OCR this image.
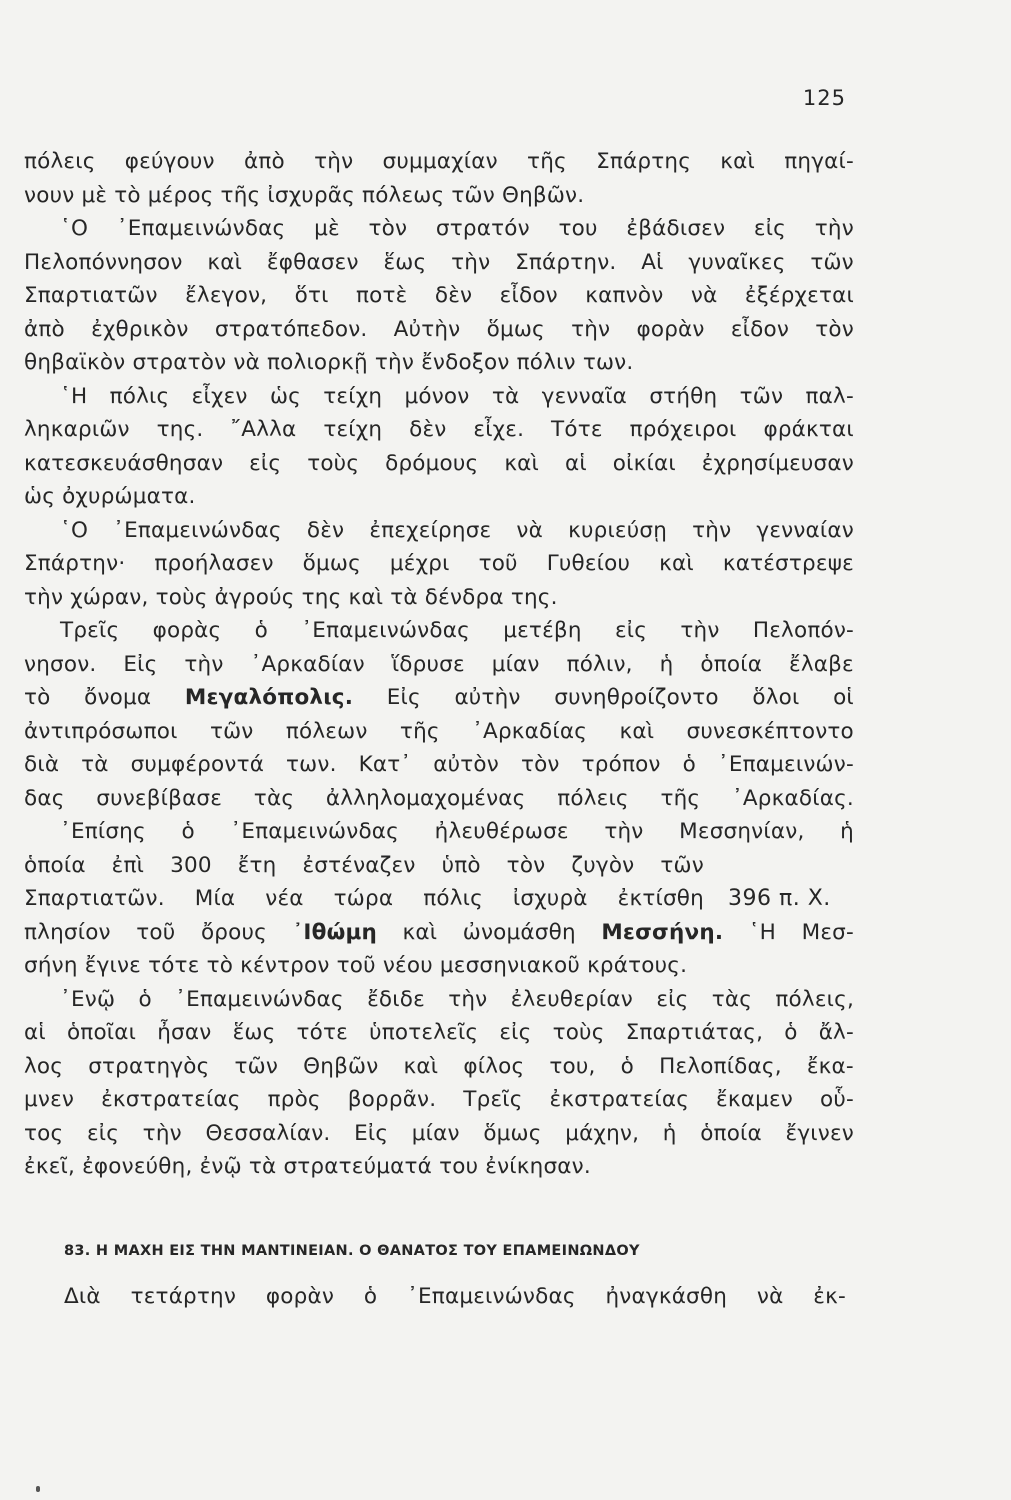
125
πόλεις φεύγουν ἀπὸ τὴν συμμαχίαν τῆς Σπάρτης καὶ πηγαί-
νουν
μὲ
τὸ
μέρος
τῆς
ἰσχυρᾶς
πόλεως
τῶν
Θηβῶν.

῾Ο ᾿Επαμεινώνδας μὲ τὸν στρατόν του ἐβάδισεν εἰς τὴν
Πελοπόννησον καὶ ἔφθασεν ἕως τὴν Σπάρτην. Αἱ γυναῖκες τῶν
Σπαρτιατῶν ἔλεγον, ὅτι ποτὲ δὲν εἶδον καπνὸν νὰ ἐξέρχεται
ἀπὸ ἐχθρικὸν στρατόπεδον. Αὐτὴν ὅμως τὴν φορὰν εἶδον τὸν
θηβαϊκὸν
στρατὸν
νὰ
πολιορκῇ
τὴν
ἔνδοξον
πόλιν
των.

῾Η πόλις εἶχεν ὡς τείχη μόνον τὰ γενναῖα στήθη τῶν παλ-
ληκαριῶν της. ῎Αλλα τείχη δὲν εἶχε. Τότε πρόχειροι φράκται
κατεσκευάσθησαν εἰς τοὺς δρόμους καὶ αἱ οἰκίαι ἐχρησίμευσαν
ὡς
ὀχυρώματα.

῾Ο ᾿Επαμεινώνδας δὲν ἐπεχείρησε νὰ κυριεύσῃ τὴν γενναίαν
Σπάρτην· προήλασεν ὅμως μέχρι τοῦ Γυθείου καὶ κατέστρεψε
τὴν
χώραν,
τοὺς
ἀγρούς
της
καὶ
τὰ
δένδρα
της.

Τρεῖς φορὰς ὁ ᾿Επαμεινώνδας μετέβη εἰς τὴν Πελοπόν-
νησον. Εἰς τὴν ᾿Αρκαδίαν ἵδρυσε μίαν πόλιν, ἡ ὁποία ἔλαβε
τὸ ὄνομα Μεγαλόπολις. Εἰς αὐτὴν συνηθροίζοντο ὅλοι οἱ
ἀντιπρόσωποι τῶν πόλεων τῆς ᾿Αρκαδίας καὶ συνεσκέπτοντο
διὰ τὰ συμφέροντά των. Κατ᾿ αὐτὸν τὸν τρόπον ὁ ᾿Επαμεινών-
δας συνεβίβασε τὰς ἀλληλομαχομένας πόλεις τῆς ᾿Αρκαδίας.
᾿Επίσης ὁ ᾿Επαμεινώνδας ἠλευθέρωσε τὴν Μεσσηνίαν, ἡ
ὁποία ἐπὶ 300 ἔτη ἐστέναζεν ὑπὸ τὸν ζυγὸν τῶν
Σπαρτιατῶν. Μία νέα τώρα πόλις ἰσχυρὰ ἐκτίσθη
πλησίον τοῦ ὄρους ᾿Ιθώμη καὶ ὠνομάσθη Μεσσήνη. ῾Η Μεσ-
σήνη
ἔγινε
τότε
τὸ
κέντρον
τοῦ
νέου
μεσσηνιακοῦ
κράτους.

᾿Ενῷ ὁ ᾿Επαμεινώνδας ἔδιδε τὴν ἐλευθερίαν εἰς τὰς πόλεις,
αἱ ὁποῖαι ἦσαν ἕως τότε ὑποτελεῖς εἰς τοὺς Σπαρτιάτας, ὁ ἄλ-
λος στρατηγὸς τῶν Θηβῶν καὶ φίλος του, ὁ Πελοπίδας, ἔκα-
μνεν ἐκστρατείας πρὸς βορρᾶν. Τρεῖς ἐκστρατείας ἔκαμεν οὗ-
τος εἰς τὴν Θεσσαλίαν. Εἰς μίαν ὅμως μάχην, ἡ ὁποία ἔγινεν
ἐκεῖ,
ἐφονεύθη,
ἐνῷ
τὰ
στρατεύματά
του
ἐνίκησαν.

396 π. Χ.
83. Η ΜΑΧΗ ΕΙΣ ΤΗΝ ΜΑΝΤΙΝΕΙΑΝ. Ο ΘΑΝΑΤΟΣ ΤΟΥ ΕΠΑΜΕΙΝΩΝΔΟΥ
Διὰ τετάρτην φορὰν ὁ ᾿Επαμεινώνδας ἠναγκάσθη νὰ ἐκ-
